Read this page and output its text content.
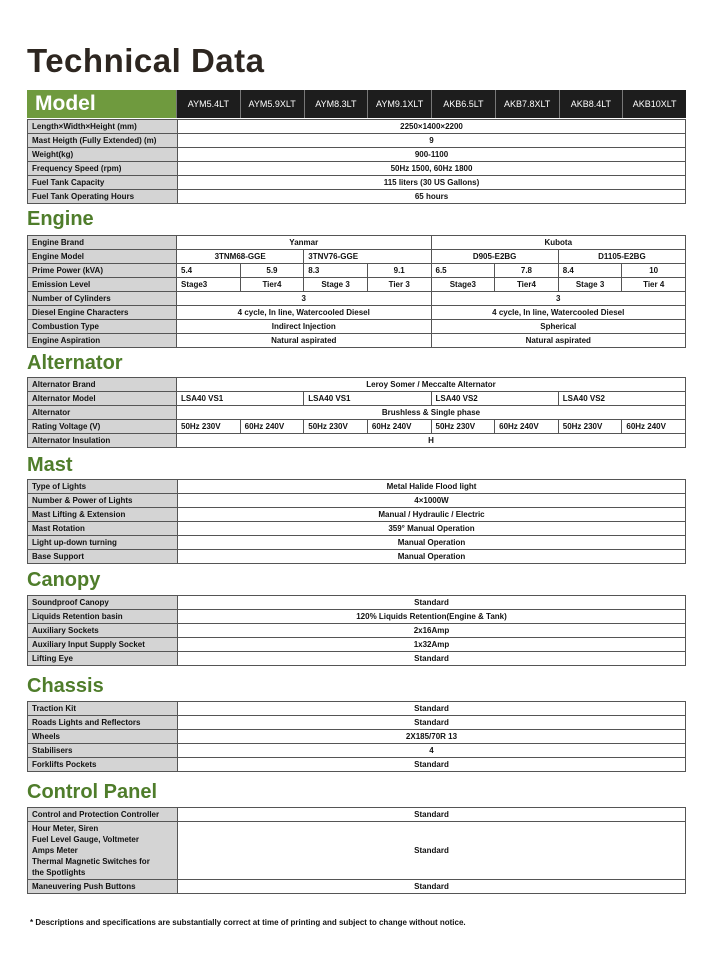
Technical Data
Model	AYM5.4LT	AYM5.9XLT	AYM8.3LT	AYM9.1XLT	AKB6.5LT	AKB7.8XLT	AKB8.4LT	AKB10XLT
Length×Width×Height (mm)	2250×1400×2200
Mast Heigth (Fully Extended) (m)	9
Weight(kg)	900-1100
Frequency Speed (rpm)	50Hz 1500, 60Hz 1800
Fuel Tank Capacity	115 liters (30 US Gallons)
Fuel Tank Operating Hours	65 hours
Engine
Engine Brand	Yanmar				Kubota			
Engine Model	3TNM68-GGE		3TNV76-GGE		D905-E2BG		D1105-E2BG	
Prime Power (kVA)	5.4	5.9	8.3	9.1	6.5	7.8	8.4	10
Emission Level	Stage3	Tier4	Stage 3	Tier 3	Stage3	Tier4	Stage 3	Tier 4
Number of Cylinders	3				3			
Diesel Engine Characters	4 cycle, In line, Watercooled Diesel				4 cycle, In line, Watercooled Diesel			
Combustion Type	Indirect Injection				Spherical			
Engine Aspiration	Natural aspirated				Natural aspirated			
Alternator
Alternator Brand	Leroy Somer / Meccalte Alternator							
Alternator Model	LSA40 VS1		LSA40 VS1		LSA40 VS2		LSA40 VS2	
Alternator	Brushless & Single phase							
Rating Voltage (V)	50Hz 230V	60Hz 240V	50Hz 230V	60Hz 240V	50Hz 230V	60Hz 240V	50Hz 230V	60Hz 240V
Alternator Insulation	H							
Mast
Type of Lights	Metal Halide Flood light
Number & Power of Lights	4×1000W
Mast Lifting & Extension	Manual / Hydraulic / Electric
Mast Rotation	359° Manual Operation
Light up-down turning	Manual Operation
Base Support	Manual Operation
Canopy
Soundproof Canopy	Standard
Liquids Retention basin	120% Liquids Retention(Engine & Tank)
Auxiliary Sockets	2x16Amp
Auxiliary Input Supply Socket	1x32Amp
Lifting Eye	Standard
Chassis
Traction Kit	Standard
Roads Lights and Reflectors	Standard
Wheels	2X185/70R 13
Stabilisers	4
Forklifts Pockets	Standard
Control Panel
Control and Protection Controller	Standard

Hour Meter, Siren
Fuel Level Gauge, Voltmeter
Amps Meter
Thermal Magnetic Switches for
the Spotlights	Standard
Maneuvering Push Buttons	Standard

* Descriptions and specifications are substantially correct at time of printing and subject to change without notice.
